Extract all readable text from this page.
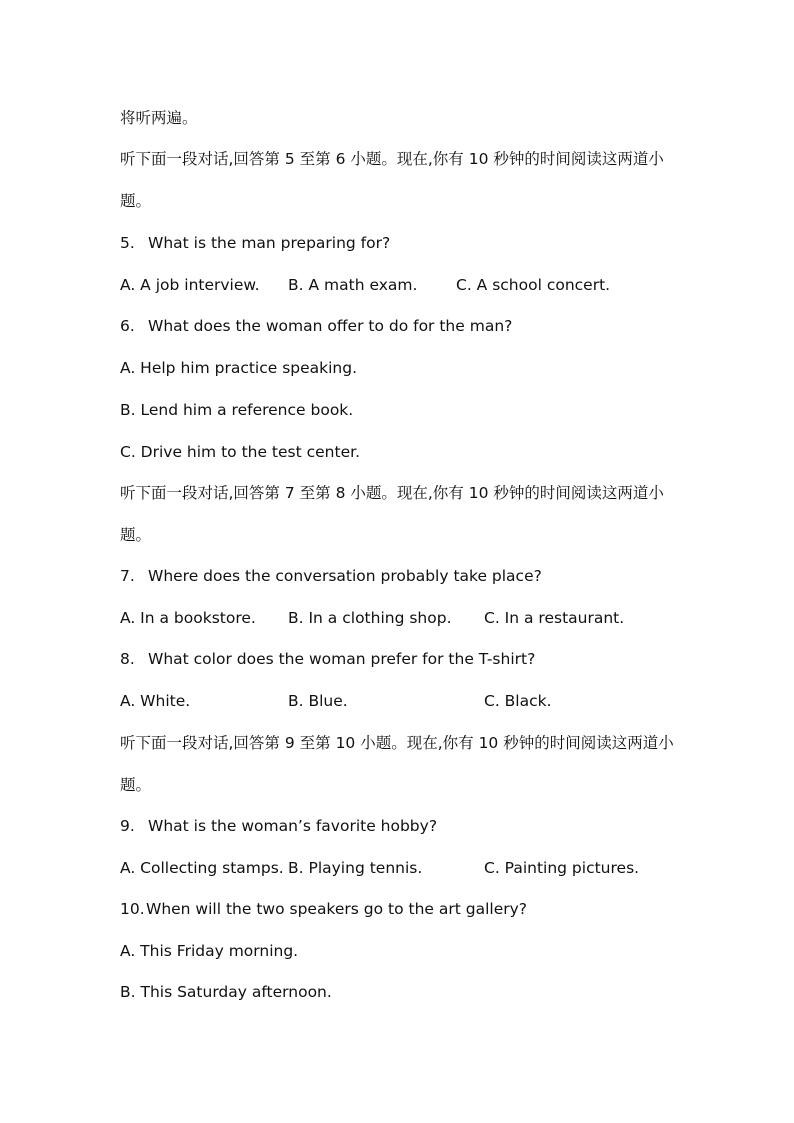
将听两遍。
听下面一段对话,回答第 5 至第 6 小题。现在,你有 10 秒钟的时间阅读这两道小
题。
5. What is the man preparing for?
A. A job interview. B. A math exam. C. A school concert.
6. What does the woman offer to do for the man?
A. Help him practice speaking.
B. Lend him a reference book.
C. Drive him to the test center.
听下面一段对话,回答第 7 至第 8 小题。现在,你有 10 秒钟的时间阅读这两道小
题。
7. Where does the conversation probably take place?
A. In a bookstore. B. In a clothing shop. C. In a restaurant.
8. What color does the woman prefer for the T-shirt?
A. White.	B. Blue.	C. Black.
听下面一段对话,回答第 9 至第 10 小题。现在,你有 10 秒钟的时间阅读这两道小
题。
9. What is the woman’s favorite hobby?
A. Collecting stamps. B. Playing tennis.	C. Painting pictures.
10.When will the two speakers go to the art gallery?
A. This Friday morning.
B. This Saturday afternoon.
